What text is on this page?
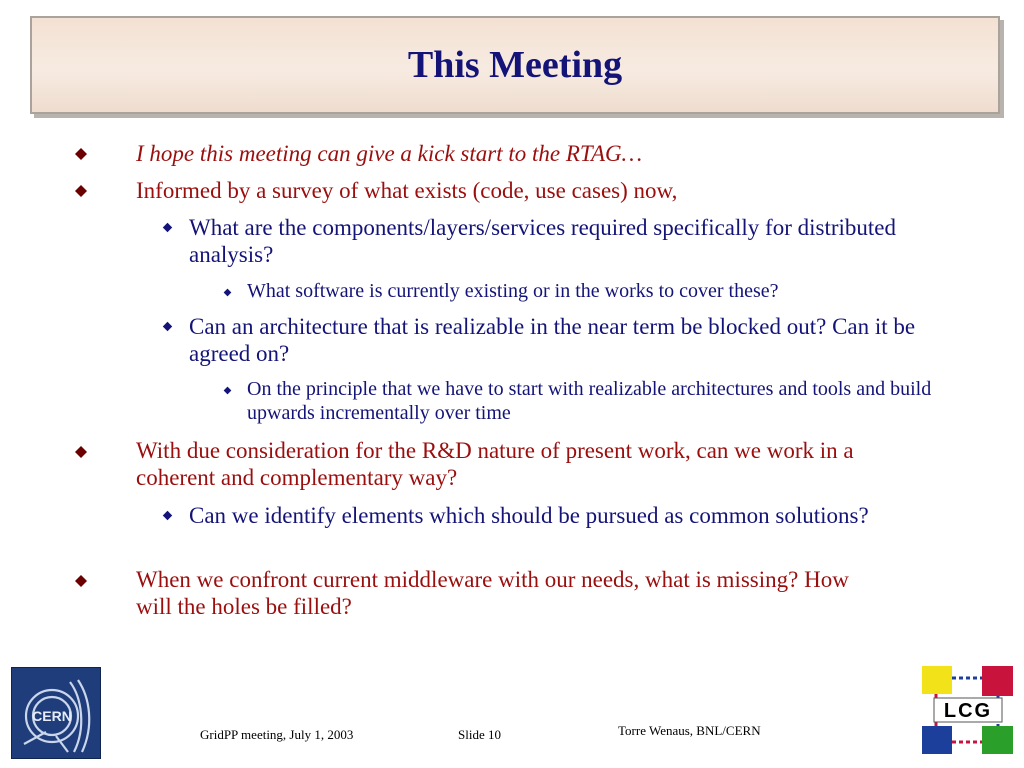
This Meeting
I hope this meeting can give a kick start to the RTAG…
Informed by a survey of what exists (code, use cases) now,
What are the components/layers/services required specifically for distributed analysis?
What software is currently existing or in the works to cover these?
Can an architecture that is realizable in the near term be blocked out? Can it be agreed on?
On the principle that we have to start with realizable architectures and tools and build upwards incrementally over time
With due consideration for the R&D nature of present work, can we work in a coherent and complementary way?
Can we identify elements which should be pursued as common solutions?
When we confront current middleware with our needs, what is missing? How will the holes be filled?
CERN
GridPP meeting, July 1, 2003	Slide 10	Torre Wenaus, BNL/CERN
LCG
